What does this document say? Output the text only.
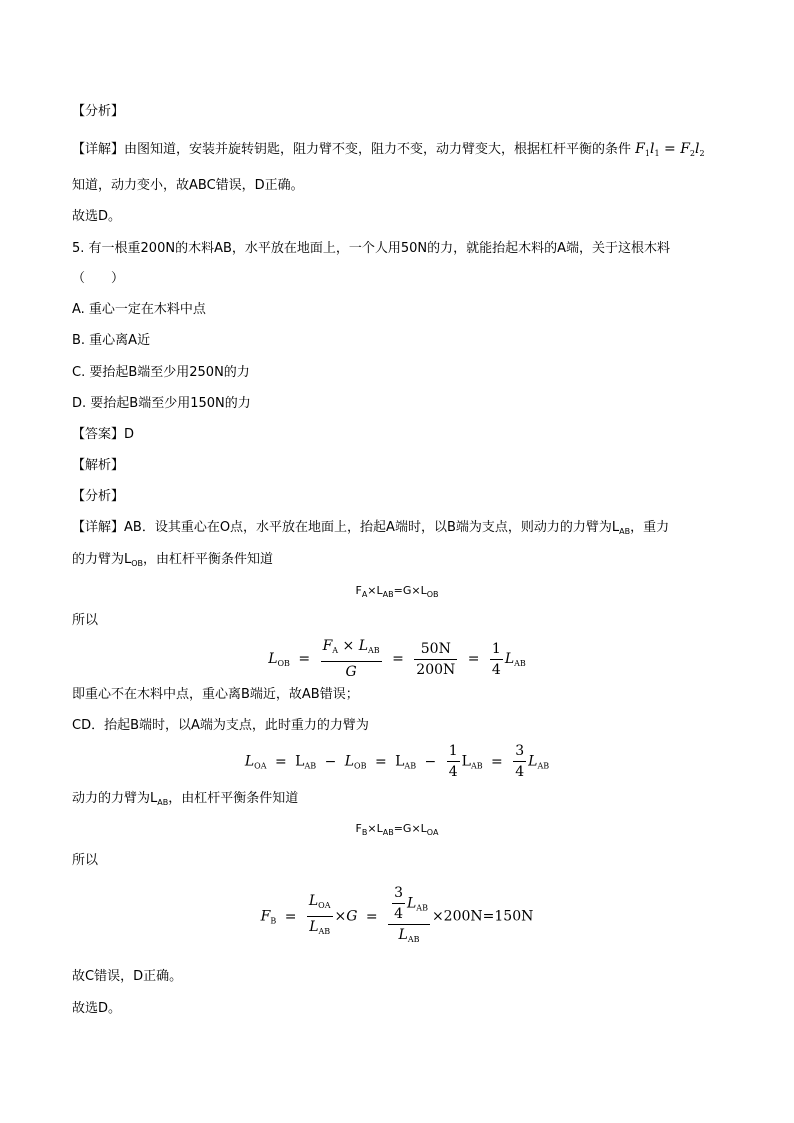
【分析】
【详解】由图知道，安装并旋转钥匙，阻力臂不变，阻力不变，动力臂变大，根据杠杆平衡的条件 $F_1l_1 = F_2l_2$
知道，动力变小，故ABC错误，D正确。
故选D。
5. 有一根重200N的木料AB，水平放在地面上，一个人用50N的力，就能抬起木料的A端，关于这根木料
（　　）
A. 重心一定在木料中点
B. 重心离A近
C. 要抬起B端至少用250N的力
D. 要抬起B端至少用150N的力
【答案】D
【解析】
【分析】
【详解】AB．设其重心在O点，水平放在地面上，抬起A端时，以B端为支点，则动力的力臂为$L_{AB}$，重力
的力臂为$L_{OB}$，由杠杆平衡条件知道
$F_A\times L_{AB}=G\times L_{OB}$
所以
$L_{OB} = \frac{F_A \times L_{AB}}{G} = \frac{50N}{200N} = \frac{1}{4} L_{AB}$
即重心不在木料中点，重心离B端近，故AB错误；
CD．抬起B端时，以A端为支点，此时重力的力臂为
$L_{OA} = L_{AB} - L_{OB} = L_{AB} - \frac{1}{4} L_{AB} = \frac{3}{4} L_{AB}$
动力的力臂为$L_{AB}$，由杠杆平衡条件知道
$F_B\times L_{AB}=G\times L_{OA}$
所以
$F_B = \frac{L_{OA}}{L_{AB}} \times G = \frac{\frac{3}{4} L_{AB}}{L_{AB}} \times 200N=150N$
故C错误，D正确。
故选D。
